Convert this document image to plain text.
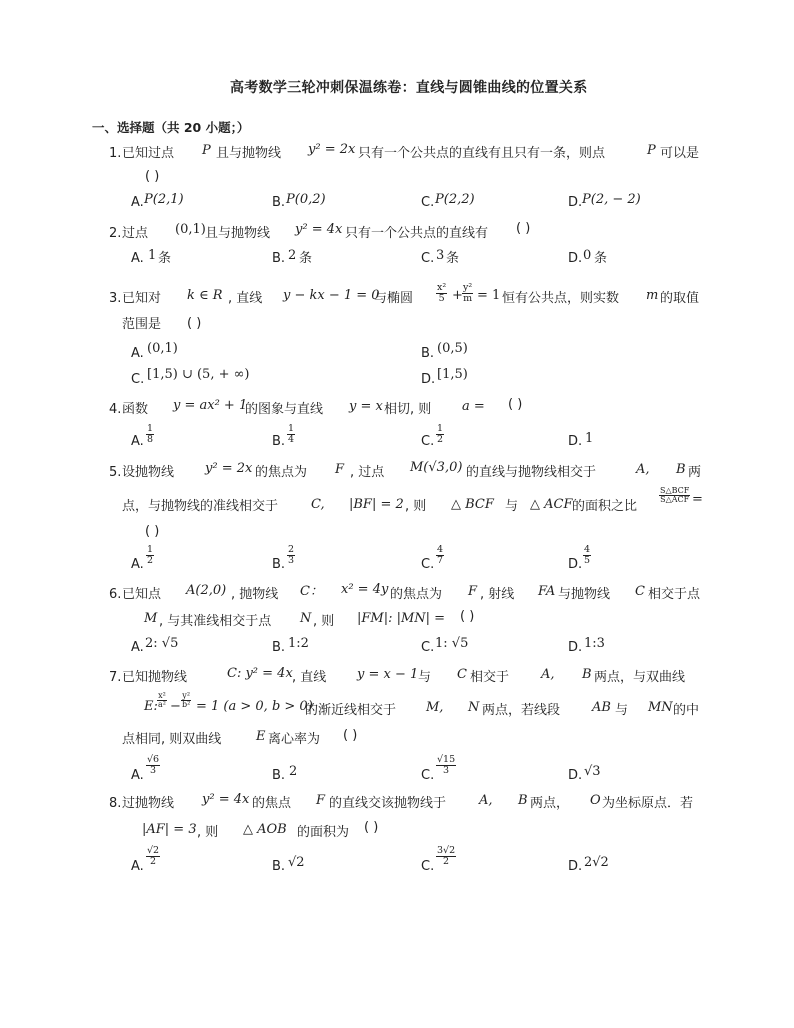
高考数学三轮冲刺保温练卷：直线与圆锥曲线的位置关系
一、选择题（共 20 小题；）
1. 已知过点 P 且与抛物线 y² = 2x 只有一个公共点的直线有且只有一条，则点	P 可以是
( )
A. P(2,1)	B. P(0,2)	C. P(2,2)	D. P(2, − 2)
2. 过点 (0,1) 且与抛物线 y² = 4x 只有一个公共点的直线有 ( )
A. 1 条	B. 2 条	C. 3 条	D. 0 条
3. 已知对 k ∈ R , 直线 y − kx − 1 = 0
与椭圆 $\frac{\text{x²}}{5} + \frac{\text{y²}}{m} = 1$ 恒有公共点，则实数 m 的取值
范围是 ( )
A. (0,1)	B. (0,5)
C. [1,5) ∪ (5, + ∞)	D. [1,5)
4. 函数 y = ax² + 1
的图象与直线 y = x 相切, 则 a = ( )
A. $\frac{1}{8}$	B. $\frac{1}{4}$	C. $\frac{1}{2}$	D. 1
5. 设抛物线 y² = 2x 的焦点为 F , 过点 M(√3,0) 的直线与抛物线相交于	A, B 两
点，与抛物线的准线相交于	C, |BF| = 2 , 则 △ BCF 与 △ ACF 的面积之比
S△BCF
S△ACF =
( )
A. $\frac{1}{2}$	B. $\frac{2}{3}$	C. $\frac{4}{7}$	D. $\frac{4}{5}$
6. 已知点 A(2,0) , 抛物线 C： x² = 4y 的焦点为 F , 射线 FA 与抛物线 C 相交于点
M , 与其准线相交于点 N , 则 |FM|: |MN| = ( )
A. 2: √5	B. 1:2	C. 1: √5	D. 1:3
7. 已知抛物线	C: y² = 4x , 直线 y = x − 1 与 C 相交于 A, B 两点，与双曲线
E: $\frac{\text{x²}}{\text{a²}} - \frac{\text{y²}}{\text{b²}} = 1$ (a > 0, b > 0)
的渐近线相交于 M, N 两点，若线段 AB 与 MN 的中
点相同, 则双曲线	E 离心率为 ( )
A. $\frac{√6}{3}$	B. 2	C. $\frac{√15}{3}$	D. √3
8. 过抛物线 y² = 4x 的焦点 F 的直线交该抛物线于	A, B 两点， O 为坐标原点．若
|AF| = 3 , 则 △ AOB 的面积为 ( )
A. $\frac{√2}{2}$	B. √2	C. $\frac{3√2}{2}$	D. 2√2
